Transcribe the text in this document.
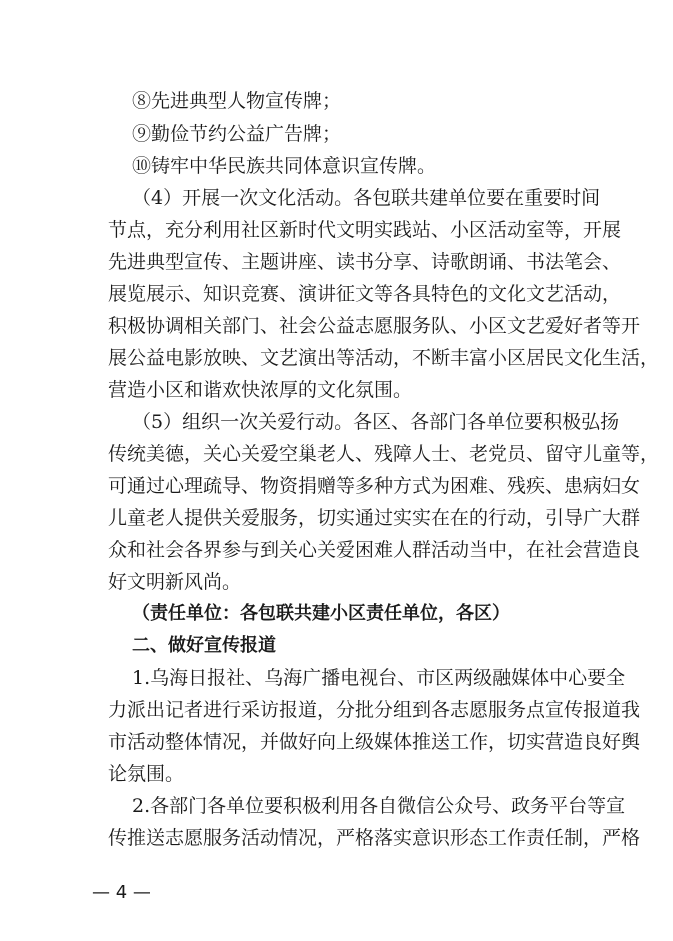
⑧先进典型人物宣传牌；
⑨勤俭节约公益广告牌；
⑩铸牢中华民族共同体意识宣传牌。
（4）开展一次文化活动。各包联共建单位要在重要时间
节点，充分利用社区新时代文明实践站、小区活动室等，开展
先进典型宣传、主题讲座、读书分享、诗歌朗诵、书法笔会、
展览展示、知识竞赛、演讲征文等各具特色的文化文艺活动，
积极协调相关部门、社会公益志愿服务队、小区文艺爱好者等开
展公益电影放映、文艺演出等活动，不断丰富小区居民文化生活，
营造小区和谐欢快浓厚的文化氛围。
（5）组织一次关爱行动。各区、各部门各单位要积极弘扬
传统美德，关心关爱空巢老人、残障人士、老党员、留守儿童等，
可通过心理疏导、物资捐赠等多种方式为困难、残疾、患病妇女
儿童老人提供关爱服务，切实通过实实在在的行动，引导广大群
众和社会各界参与到关心关爱困难人群活动当中，在社会营造良
好文明新风尚。
（责任单位：各包联共建小区责任单位，各区）
二、做好宣传报道
1.乌海日报社、乌海广播电视台、市区两级融媒体中心要全
力派出记者进行采访报道，分批分组到各志愿服务点宣传报道我
市活动整体情况，并做好向上级媒体推送工作，切实营造良好舆
论氛围。
2.各部门各单位要积极利用各自微信公众号、政务平台等宣
传推送志愿服务活动情况，严格落实意识形态工作责任制，严格
— 4 —
